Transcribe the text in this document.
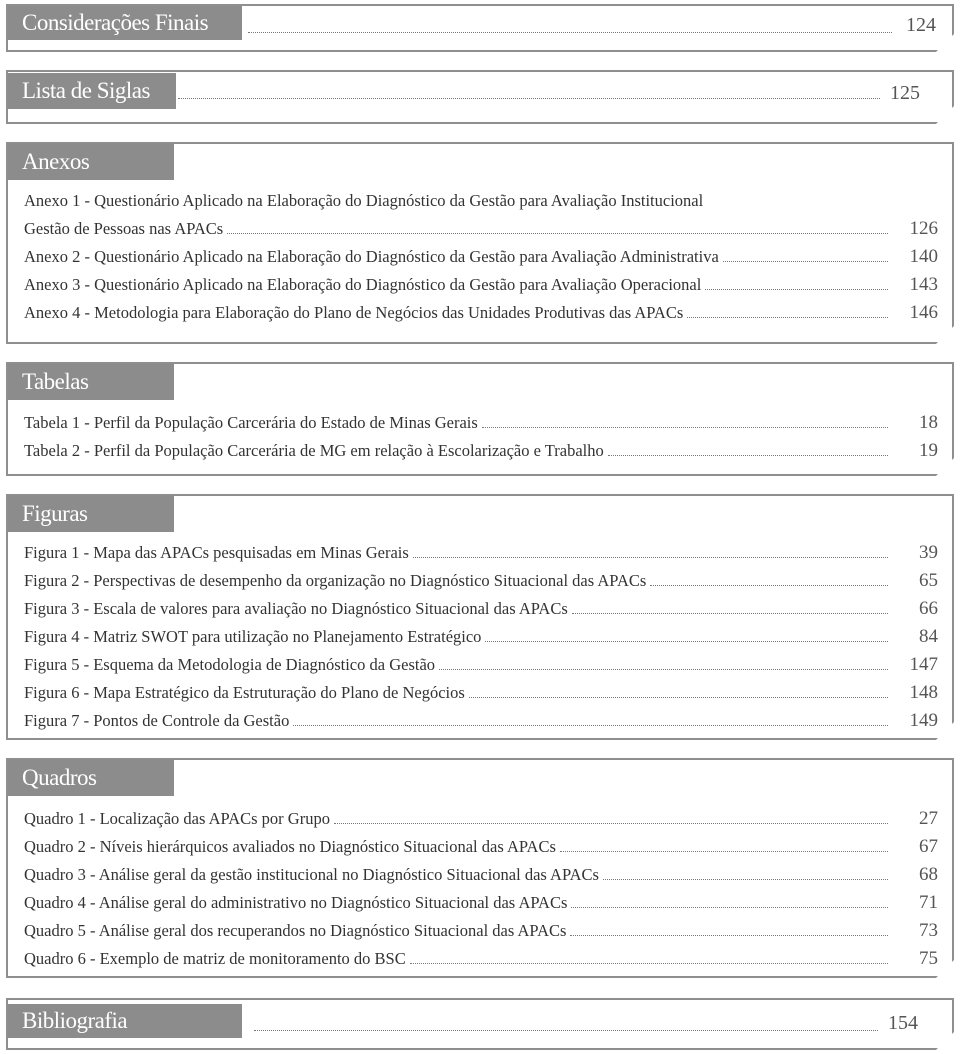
Considerações Finais	124
Lista de Siglas	125
Anexos
Anexo 1 - Questionário Aplicado na Elaboração do Diagnóstico da Gestão para Avaliação Institucional
Gestão de Pessoas nas APACs	126
Anexo 2 - Questionário Aplicado na Elaboração do Diagnóstico da Gestão para Avaliação Administrativa	140
Anexo 3 - Questionário Aplicado na Elaboração do Diagnóstico da Gestão para Avaliação Operacional	143
Anexo 4 - Metodologia para Elaboração do Plano de Negócios das Unidades Produtivas das APACs	146
Tabelas
Tabela 1 - Perfil da População Carcerária do Estado de Minas Gerais	18
Tabela 2 - Perfil da População Carcerária de MG em relação à Escolarização e Trabalho	19
Figuras
Figura 1 - Mapa das APACs pesquisadas em Minas Gerais	39
Figura 2 - Perspectivas de desempenho da organização no Diagnóstico Situacional das APACs	65
Figura 3 - Escala de valores para avaliação no Diagnóstico Situacional das APACs	66
Figura 4 - Matriz SWOT para utilização no Planejamento Estratégico	84
Figura 5 - Esquema da Metodologia de Diagnóstico da Gestão	147
Figura 6 - Mapa Estratégico da Estruturação do Plano de Negócios	148
Figura 7 - Pontos de Controle da Gestão	149
Quadros
Quadro 1 - Localização das APACs por Grupo	27
Quadro 2 - Níveis hierárquicos avaliados no Diagnóstico Situacional das APACs	67
Quadro 3 - Análise geral da gestão institucional no Diagnóstico Situacional das APACs	68
Quadro 4 - Análise geral do administrativo no Diagnóstico Situacional das APACs	71
Quadro 5 - Análise geral dos recuperandos no Diagnóstico Situacional das APACs	73
Quadro 6 - Exemplo de matriz de monitoramento do BSC	75
Bibliografia	154
